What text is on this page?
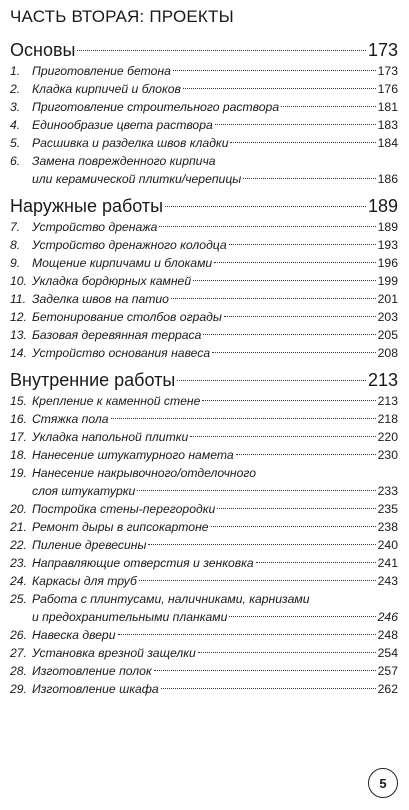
ЧАСТЬ ВТОРАЯ: ПРОЕКТЫ
Основы	173
1. Приготовление бетона	173
2. Кладка кирпичей и блоков	176
3. Приготовление строительного раствора	181
4. Единообразие цвета раствора	183
5. Расшивка и разделка швов кладки	184
6. Замена поврежденного кирпича
или керамической плитки/черепицы	186
Наружные работы	189
7. Устройство дренажа	189
8. Устройство дренажного колодца	193
9. Мощение кирпичами и блоками	196
10. Укладка бордюрных камней	199
11. Заделка швов на патио	201
12. Бетонирование столбов ограды	203
13. Базовая деревянная терраса	205
14. Устройство основания навеса	208
Внутренние работы	213
15. Крепление к каменной стене	213
16. Стяжка пола	218
17. Укладка напольной плитки	220
18. Нанесение штукатурного намета	230
19. Нанесение накрывочного/отделочного
слоя штукатурки	233
20. Постройка стены-перегородки	235
21. Ремонт дыры в гипсокартоне	238
22. Пиление древесины	240
23. Направляющие отверстия и зенковка	241
24. Каркасы для труб	243
25. Работа с плинтусами, наличниками, карнизами
и предохранительными планками	246
26. Навеска двери	248
27. Установка врезной защелки	254
28. Изготовление полок	257
29. Изготовление шкафа	262
5
